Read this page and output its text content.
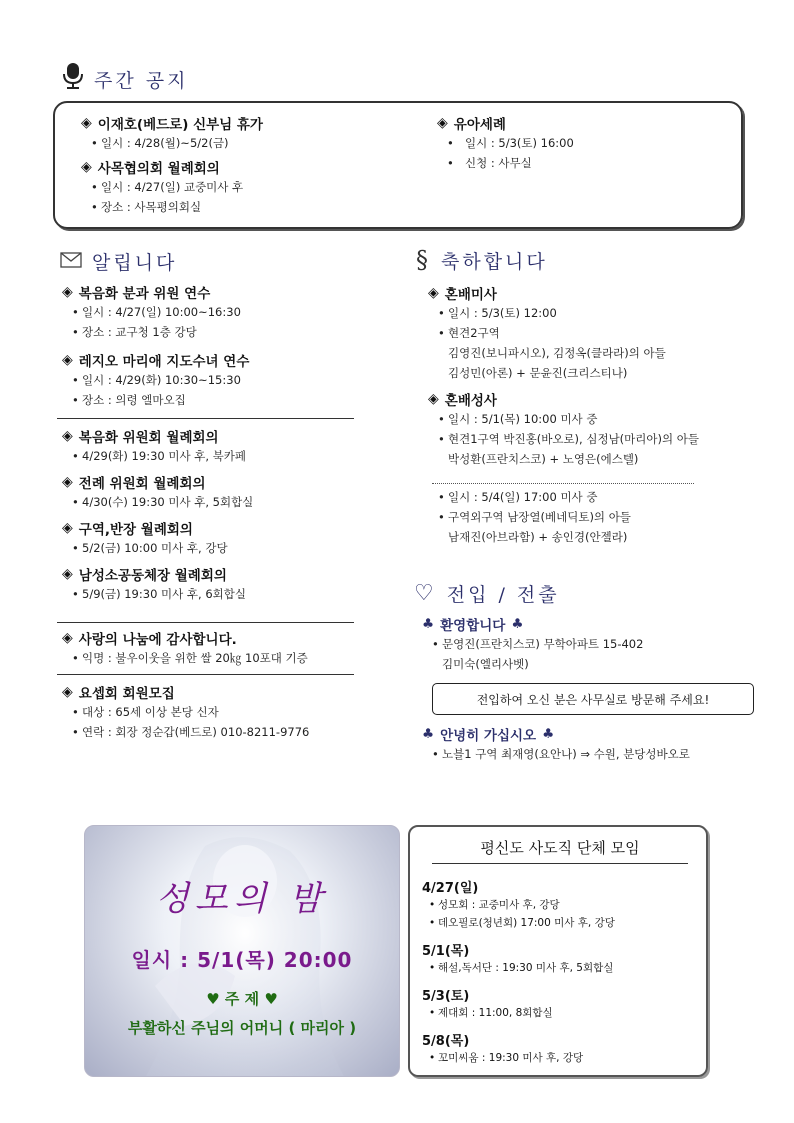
주간 공지
◈ 이재호(베드로) 신부님 휴가
• 일시 : 4/28(월)~5/2(금)
◈ 사목협의회 월례회의
• 일시 : 4/27(일) 교중미사 후
• 장소 : 사목평의회실
◈ 유아세례
• 일시 : 5/3(토) 16:00
• 신청 : 사무실
알립니다
◈ 복음화 분과 위원 연수
• 일시 : 4/27(일) 10:00~16:30
• 장소 : 교구청 1층 강당
◈ 레지오 마리애 지도수녀 연수
• 일시 : 4/29(화) 10:30~15:30
• 장소 : 의령 엘마오집
◈ 복음화 위원회 월례회의
• 4/29(화) 19:30 미사 후, 북카페
◈ 전례 위원회 월례회의
• 4/30(수) 19:30 미사 후, 5회합실
◈ 구역,반장 월례회의
• 5/2(금) 10:00 미사 후, 강당
◈ 남성소공동체장 월례회의
• 5/9(금) 19:30 미사 후, 6회합실
◈ 사랑의 나눔에 감사합니다.
• 익명 : 불우이웃을 위한 쌀 20㎏ 10포대 기증
◈ 요셉회 회원모집
• 대상 : 65세 이상 본당 신자
• 연락 : 회장 정순갑(베드로) 010-8211-9776
§ 축하합니다
◈ 혼배미사
• 일시 : 5/3(토) 12:00
• 현견2구역
김영진(보니파시오), 김정옥(클라라)의 아들
김성민(아론) + 문윤진(크리스티나)
◈ 혼배성사
• 일시 : 5/1(목) 10:00 미사 중
• 현견1구역 박진홍(바오로), 심정남(마리아)의 아들
박성환(프란치스코) + 노영은(에스텔)
• 일시 : 5/4(일) 17:00 미사 중
• 구역외구역 남장열(베네딕토)의 아들
남재진(아브라함) + 송인경(안젤라)
♡ 전입 / 전출
♣ 환영합니다 ♣
• 문영진(프란치스코) 무학아파트 15-402
김미숙(엘리사벳)
전입하여 오신 분은 사무실로 방문해 주세요!
♣ 안녕히 가십시오 ♣
• 노블1 구역 최재영(요안나) ⇒ 수원, 분당성바오로
성모의 밤
일시 : 5/1(목) 20:00
♥ 주 제 ♥
부활하신 주님의 어머니 ( 마리아 )
평신도 사도직 단체 모임
4/27(일)
• 성모회 : 교중미사 후, 강당
• 데오필로(청년회) 17:00 미사 후, 강당
5/1(목)
• 해설,독서단 : 19:30 미사 후, 5회합실
5/3(토)
• 제대회 : 11:00, 8회합실
5/8(목)
• 꼬미씨움 : 19:30 미사 후, 강당
